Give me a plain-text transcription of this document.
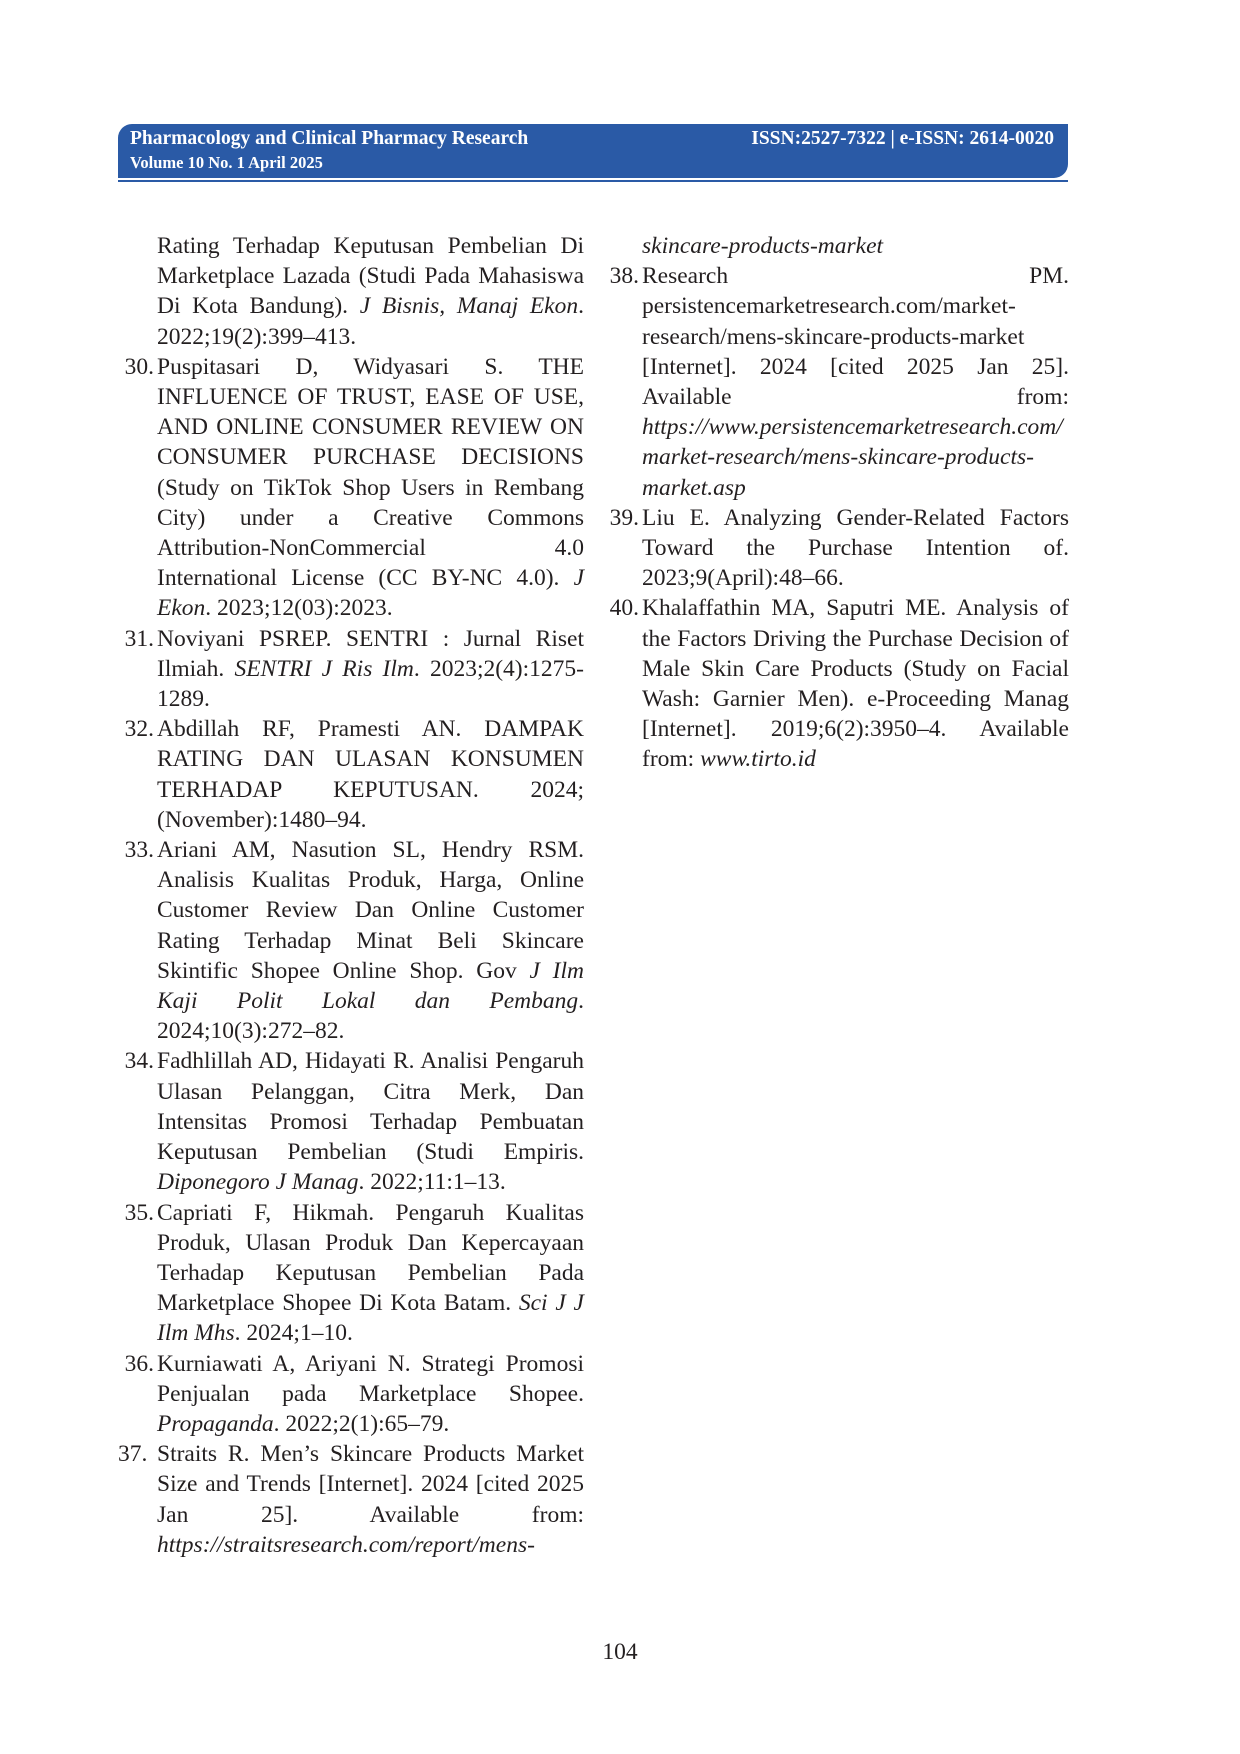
Pharmacology and Clinical Pharmacy Research
Volume 10 No. 1 April 2025
ISSN:2527-7322 | e-ISSN: 2614-0020
Rating Terhadap Keputusan Pembelian Di Marketplace Lazada (Studi Pada Mahasiswa Di Kota Bandung). J Bisnis, Manaj Ekon. 2022;19(2):399–413.
30. Puspitasari D, Widyasari S. THE INFLUENCE OF TRUST, EASE OF USE, AND ONLINE CONSUMER REVIEW ON CONSUMER PURCHASE DECISIONS (Study on TikTok Shop Users in Rembang City) under a Creative Commons Attribution-NonCommercial 4.0 International License (CC BY-NC 4.0). J Ekon. 2023;12(03):2023.
31. Noviyani PSREP. SENTRI : Jurnal Riset Ilmiah. SENTRI J Ris Ilm. 2023;2(4):1275-1289.
32. Abdillah RF, Pramesti AN. DAMPAK RATING DAN ULASAN KONSUMEN TERHADAP KEPUTUSAN. 2024;(November):1480–94.
33. Ariani AM, Nasution SL, Hendry RSM. Analisis Kualitas Produk, Harga, Online Customer Review Dan Online Customer Rating Terhadap Minat Beli Skincare Skintific Shopee Online Shop. Gov J Ilm Kaji Polit Lokal dan Pembang. 2024;10(3):272–82.
34. Fadhlillah AD, Hidayati R. Analisi Pengaruh Ulasan Pelanggan, Citra Merk, Dan Intensitas Promosi Terhadap Pembuatan Keputusan Pembelian (Studi Empiris. Diponegoro J Manag. 2022;11:1–13.
35. Capriati F, Hikmah. Pengaruh Kualitas Produk, Ulasan Produk Dan Kepercayaan Terhadap Keputusan Pembelian Pada Marketplace Shopee Di Kota Batam. Sci J J Ilm Mhs. 2024;1–10.
36. Kurniawati A, Ariyani N. Strategi Promosi Penjualan pada Marketplace Shopee. Propaganda. 2022;2(1):65–79.
37. Straits R. Men’s Skincare Products Market Size and Trends [Internet]. 2024 [cited 2025 Jan 25]. Available from: https://straitsresearch.com/report/mens-
skincare-products-market
38. Research PM. persistencemarketresearch.com/market-research/mens-skincare-products-market [Internet]. 2024 [cited 2025 Jan 25]. Available from: https://www.persistencemarketresearch.com/market-research/mens-skincare-products-market.asp
39. Liu E. Analyzing Gender-Related Factors Toward the Purchase Intention of. 2023;9(April):48–66.
40. Khalaffathin MA, Saputri ME. Analysis of the Factors Driving the Purchase Decision of Male Skin Care Products (Study on Facial Wash: Garnier Men). e-Proceeding Manag [Internet]. 2019;6(2):3950–4. Available from: www.tirto.id
104
